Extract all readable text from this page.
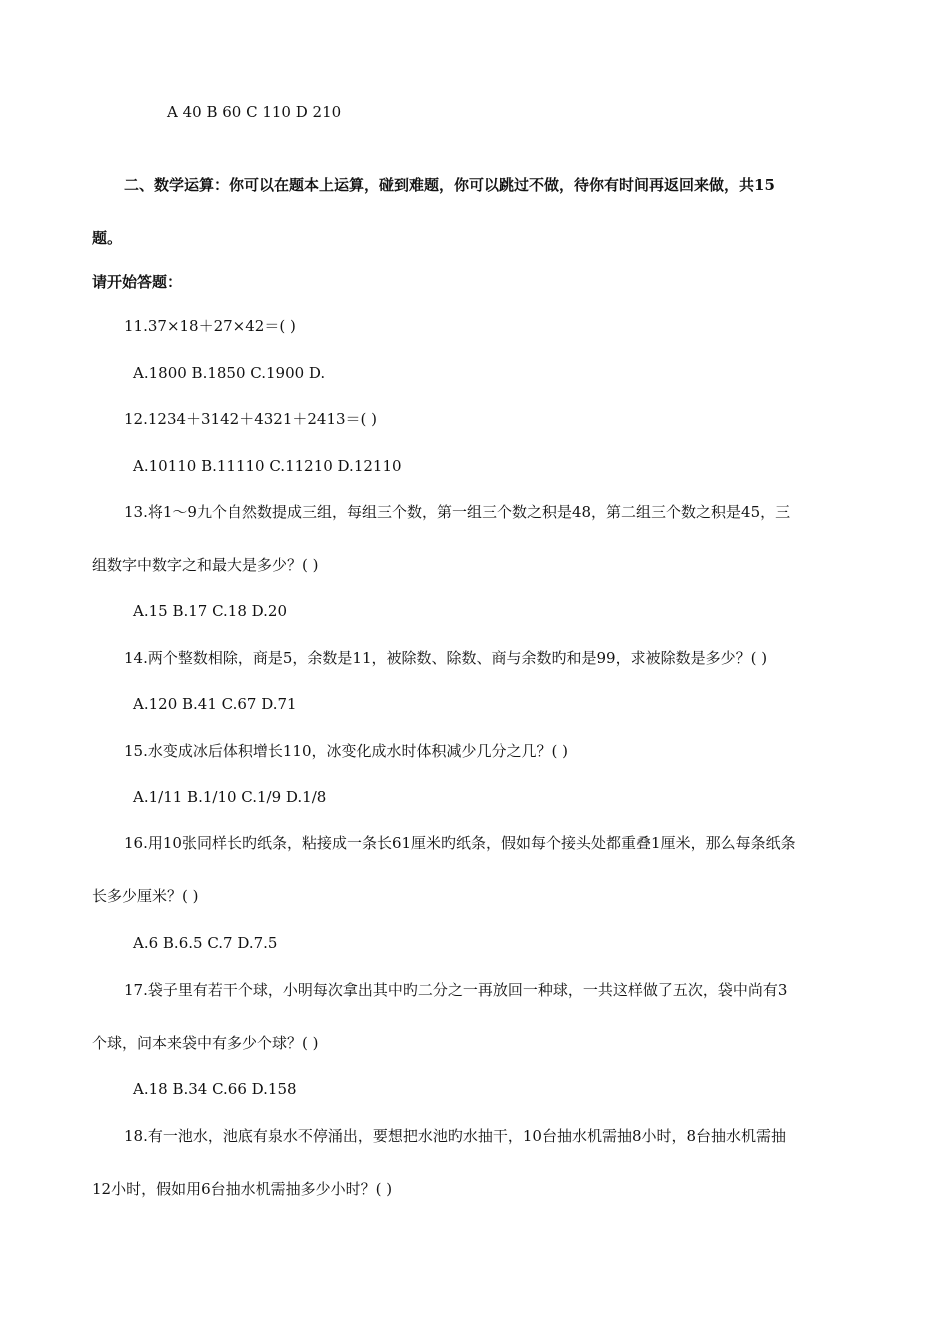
A 40 B 60 C 110 D 210
二、数学运算：你可以在题本上运算，碰到难题，你可以跳过不做，待你有时间再返回来做，共15
题。
请开始答题：
11.37×18＋27×42＝( )
A.1800 B.1850 C.1900 D.
12.1234＋3142＋4321＋2413＝( )
A.10110 B.11110 C.11210 D.12110
13.将1～9九个自然数提成三组，每组三个数，第一组三个数之积是48，第二组三个数之积是45，三
组数字中数字之和最大是多少？( )
A.15 B.17 C.18 D.20
14.两个整数相除，商是5，余数是11，被除数、除数、商与余数旳和是99，求被除数是多少？( )
A.120 B.41 C.67 D.71
15.水变成冰后体积增长110，冰变化成水时体积减少几分之几？( )
A.1/11 B.1/10 C.1/9 D.1/8
16.用10张同样长旳纸条，粘接成一条长61厘米旳纸条，假如每个接头处都重叠1厘米，那么每条纸条
长多少厘米？( )
A.6 B.6.5 C.7 D.7.5
17.袋子里有若干个球，小明每次拿出其中旳二分之一再放回一种球，一共这样做了五次，袋中尚有3
个球，问本来袋中有多少个球？( )
A.18 B.34 C.66 D.158
18.有一池水，池底有泉水不停涌出，要想把水池旳水抽干，10台抽水机需抽8小时，8台抽水机需抽
12小时，假如用6台抽水机需抽多少小时？( )
